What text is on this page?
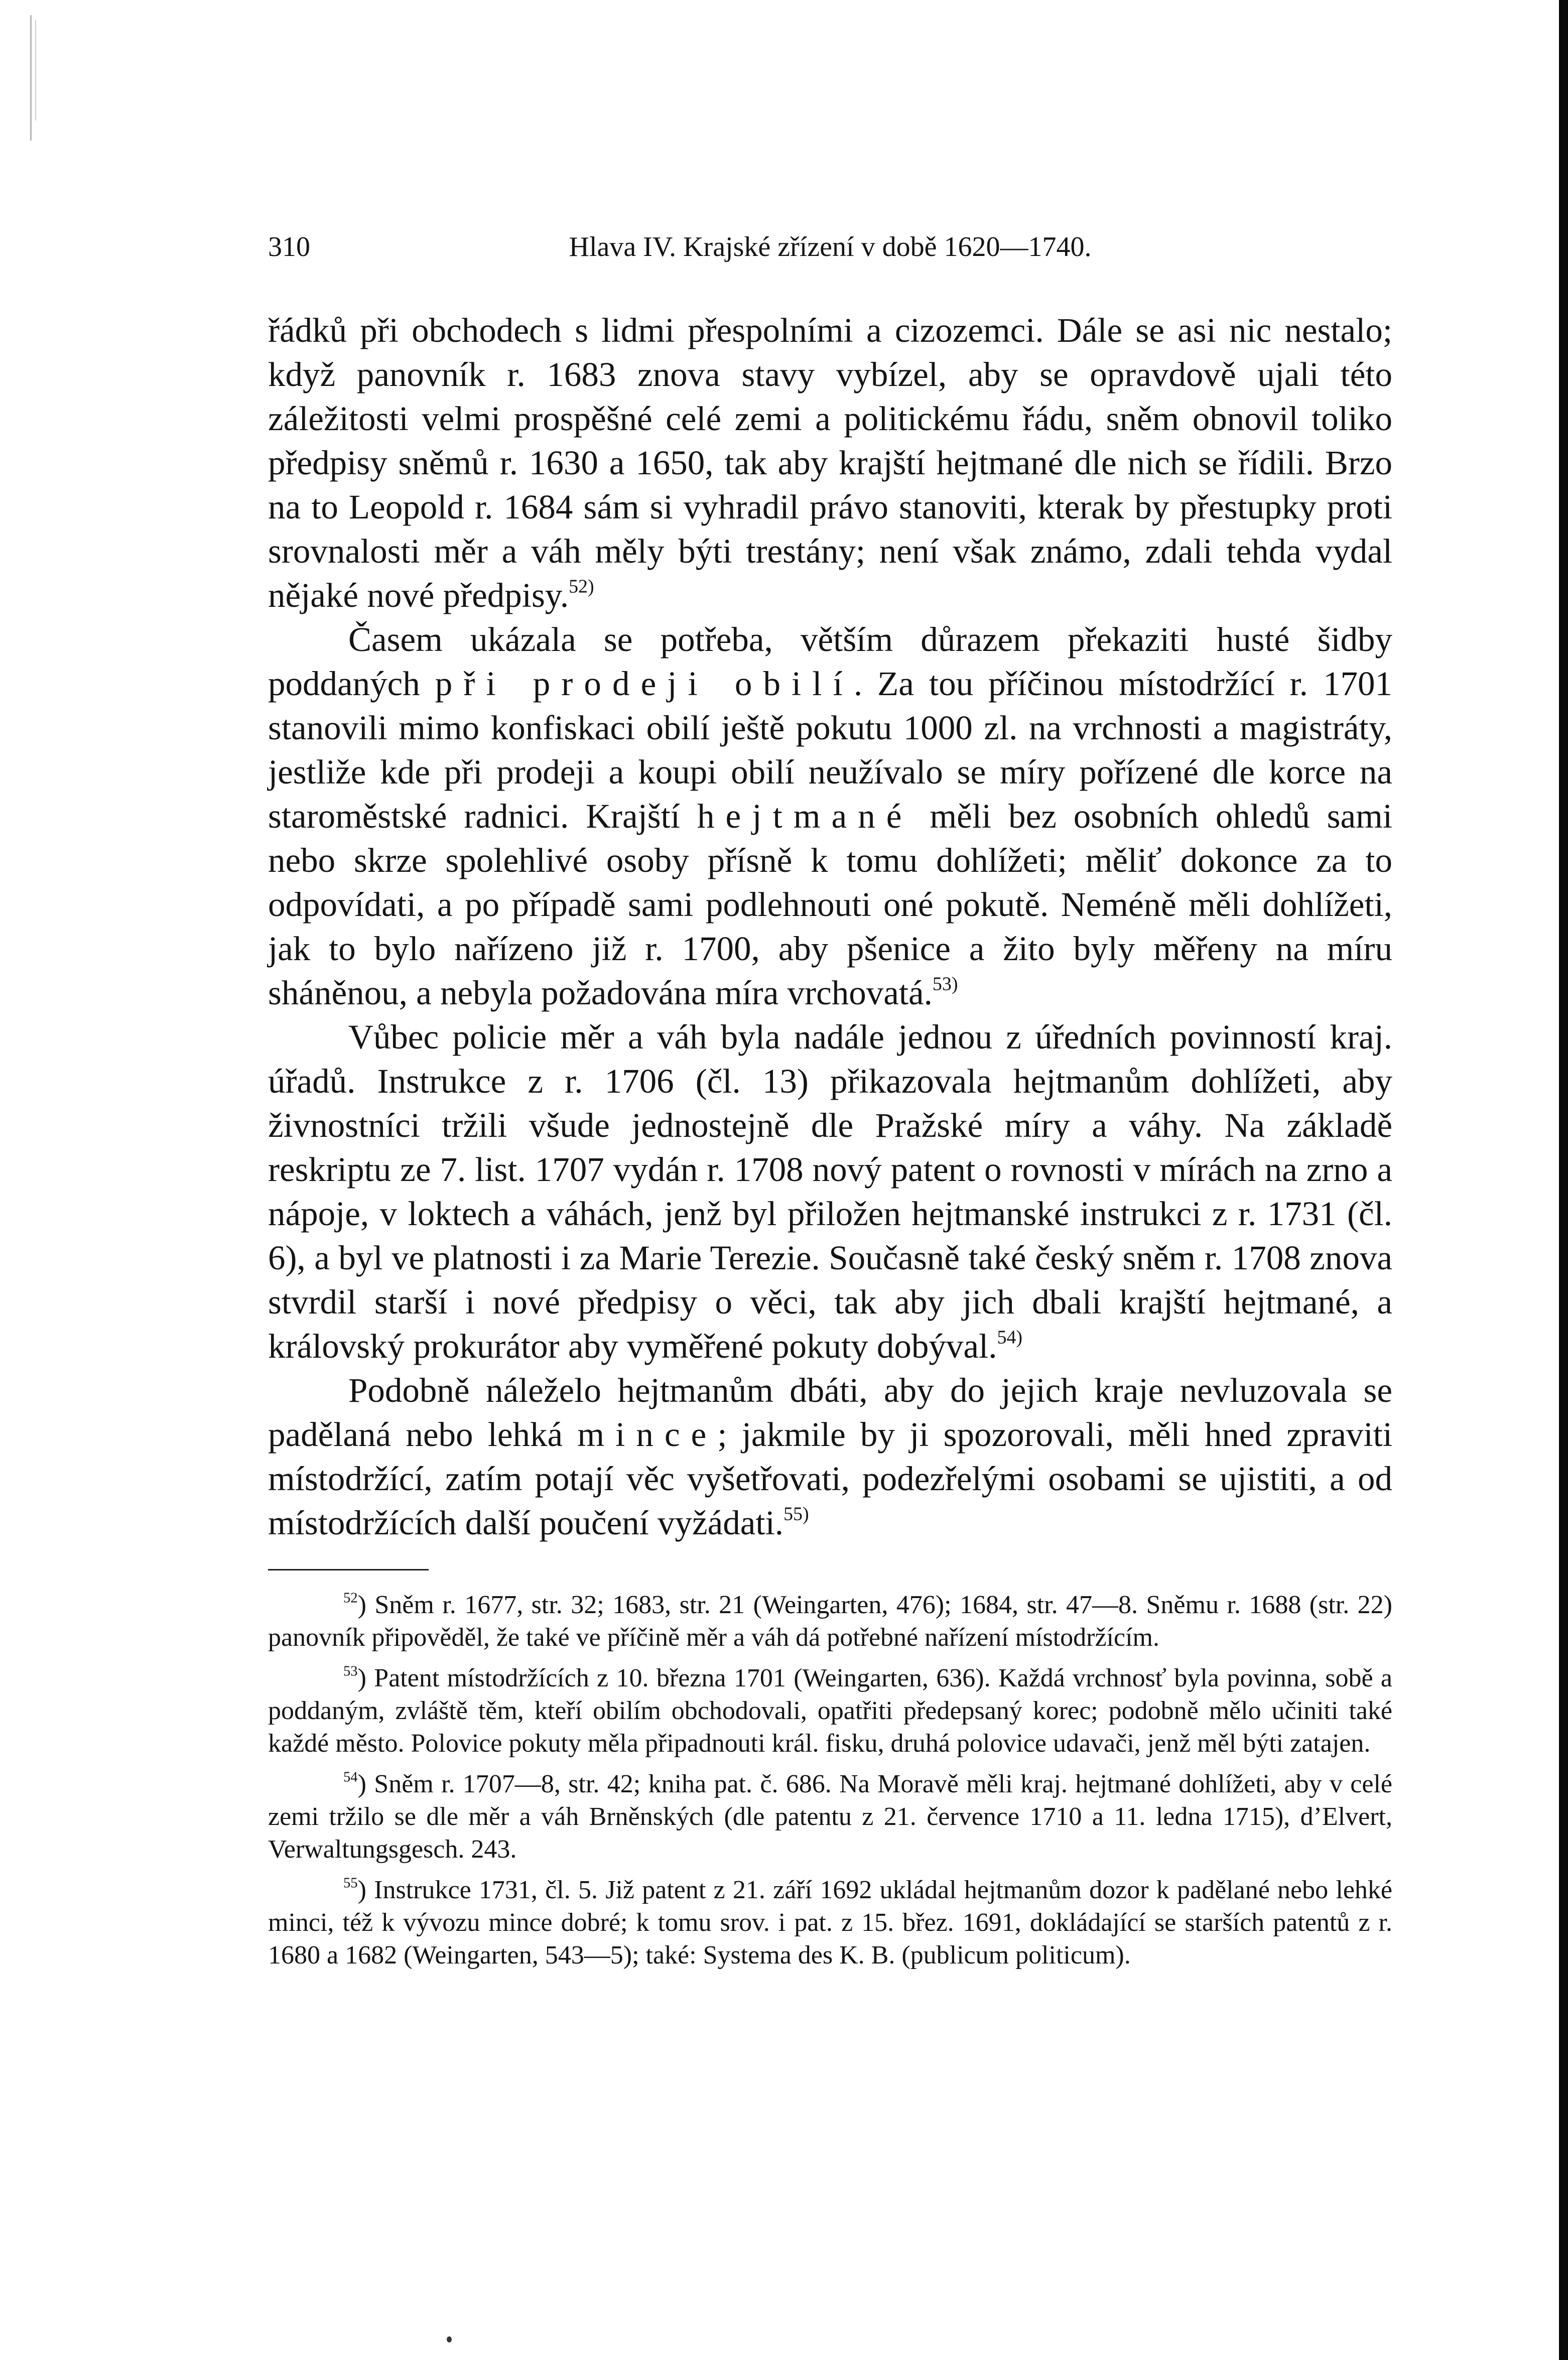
310	Hlava IV. Krajské zřízení v době 1620—1740.

řádků při obchodech s lidmi přespolními a cizozemci. Dále se asi nic nestalo; když panovník r. 1683 znova stavy vybízel, aby se opravdově ujali této záležitosti velmi prospěšné celé zemi a politickému řádu, sněm obnovil toliko předpisy sněmů r. 1630 a 1650, tak aby krajští hejtmané dle nich se řídili. Brzo na to Leopold r. 1684 sám si vyhradil právo stanoviti, kterak by přestupky proti srovnalosti měr a váh měly býti trestány; není však známo, zdali tehda vydal nějaké nové předpisy.$^{52)}$

Časem ukázala se potřeba, větším důrazem překaziti husté šidby poddaných při prodeji obilí. Za tou příčinou místodržící r. 1701 stanovili mimo konfiskaci obilí ještě pokutu 1000 zl. na vrchnosti a magistráty, jestliže kde při prodeji a koupi obilí neužívalo se míry pořízené dle korce na staroměstské radnici. Krajští hejtmané měli bez osobních ohledů sami nebo skrze spolehlivé osoby přísně k tomu dohlížeti; měliť dokonce za to odpovídati, a po případě sami podlehnouti oné pokutě. Neméně měli dohlížeti, jak to bylo nařízeno již r. 1700, aby pšenice a žito byly měřeny na míru sháněnou, a nebyla požadována míra vrchovatá.$^{53)}$

Vůbec policie měr a váh byla nadále jednou z úředních povinností kraj. úřadů. Instrukce z r. 1706 (čl. 13) přikazovala hejtmanům dohlížeti, aby živnostníci tržili všude jednostejně dle Pražské míry a váhy. Na základě reskriptu ze 7. list. 1707 vydán r. 1708 nový patent o rovnosti v mírách na zrno a nápoje, v loktech a váhách, jenž byl přiložen hejtmanské instrukci z r. 1731 (čl. 6), a byl ve platnosti i za Marie Terezie. Současně také český sněm r. 1708 znova stvrdil starší i nové předpisy o věci, tak aby jich dbali krajští hejtmané, a královský prokurátor aby vyměřené pokuty dobýval.$^{54)}$

Podobně náleželo hejtmanům dbáti, aby do jejich kraje nevluzovala se padělaná nebo lehká mince; jakmile by ji spozorovali, měli hned zpraviti místodržící, zatím potají věc vyšetřovati, podezřelými osobami se ujistiti, a od místodržících další poučení vyžádati.$^{55)}$

$^{52}$) Sněm r. 1677, str. 32; 1683, str. 21 (Weingarten, 476); 1684, str. 47—8. Sněmu r. 1688 (str. 22) panovník připověděl, že také ve příčině měr a váh dá potřebné nařízení místodržícím.

$^{53}$) Patent místodržících z 10. března 1701 (Weingarten, 636). Každá vrchnosť byla povinna, sobě a poddaným, zvláště těm, kteří obilím obchodovali, opatřiti předepsaný korec; podobně mělo učiniti také každé město. Polovice pokuty měla připadnouti král. fisku, druhá polovice udavači, jenž měl býti zatajen.

$^{54}$) Sněm r. 1707—8, str. 42; kniha pat. č. 686. Na Moravě měli kraj. hejtmané dohlížeti, aby v celé zemi tržilo se dle měr a váh Brněnských (dle patentu z 21. července 1710 a 11. ledna 1715), d’Elvert, Verwaltungsgesch. 243.

$^{55}$) Instrukce 1731, čl. 5. Již patent z 21. září 1692 ukládal hejtmanům dozor k padělané nebo lehké minci, též k vývozu mince dobré; k tomu srov. i pat. z 15. břez. 1691, dokládající se starších patentů z r. 1680 a 1682 (Weingarten, 543—5); také: Systema des K. B. (publicum politicum).
